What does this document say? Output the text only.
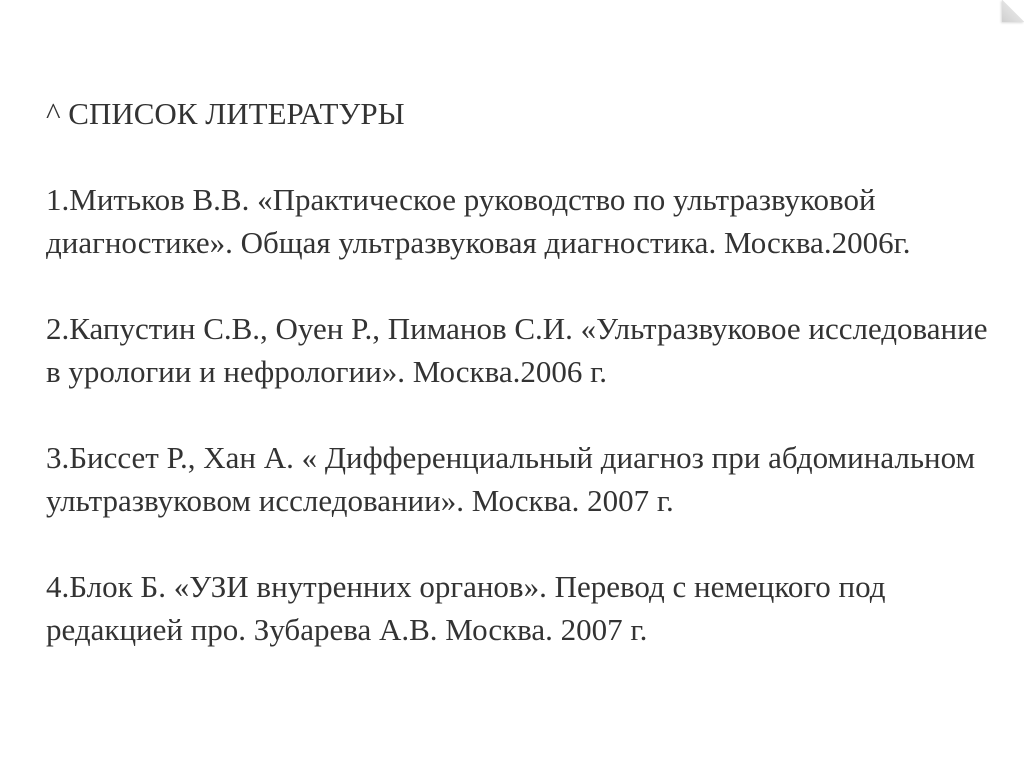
^ СПИСОК ЛИТЕРАТУРЫ

1.Митьков В.В. «Практическое руководство по ультразвуковой диагностике». Общая ультразвуковая диагностика. Москва.2006г.

2.Капустин С.В., Оуен Р., Пиманов С.И. «Ультразвуковое исследование в урологии и нефрологии». Москва.2006 г.

3.Биссет Р., Хан А. « Дифференциальный диагноз при абдоминальном ультразвуковом исследовании». Москва. 2007 г.

4.Блок Б. «УЗИ внутренних органов». Перевод с немецкого под редакцией про. Зубарева А.В. Москва. 2007 г.
